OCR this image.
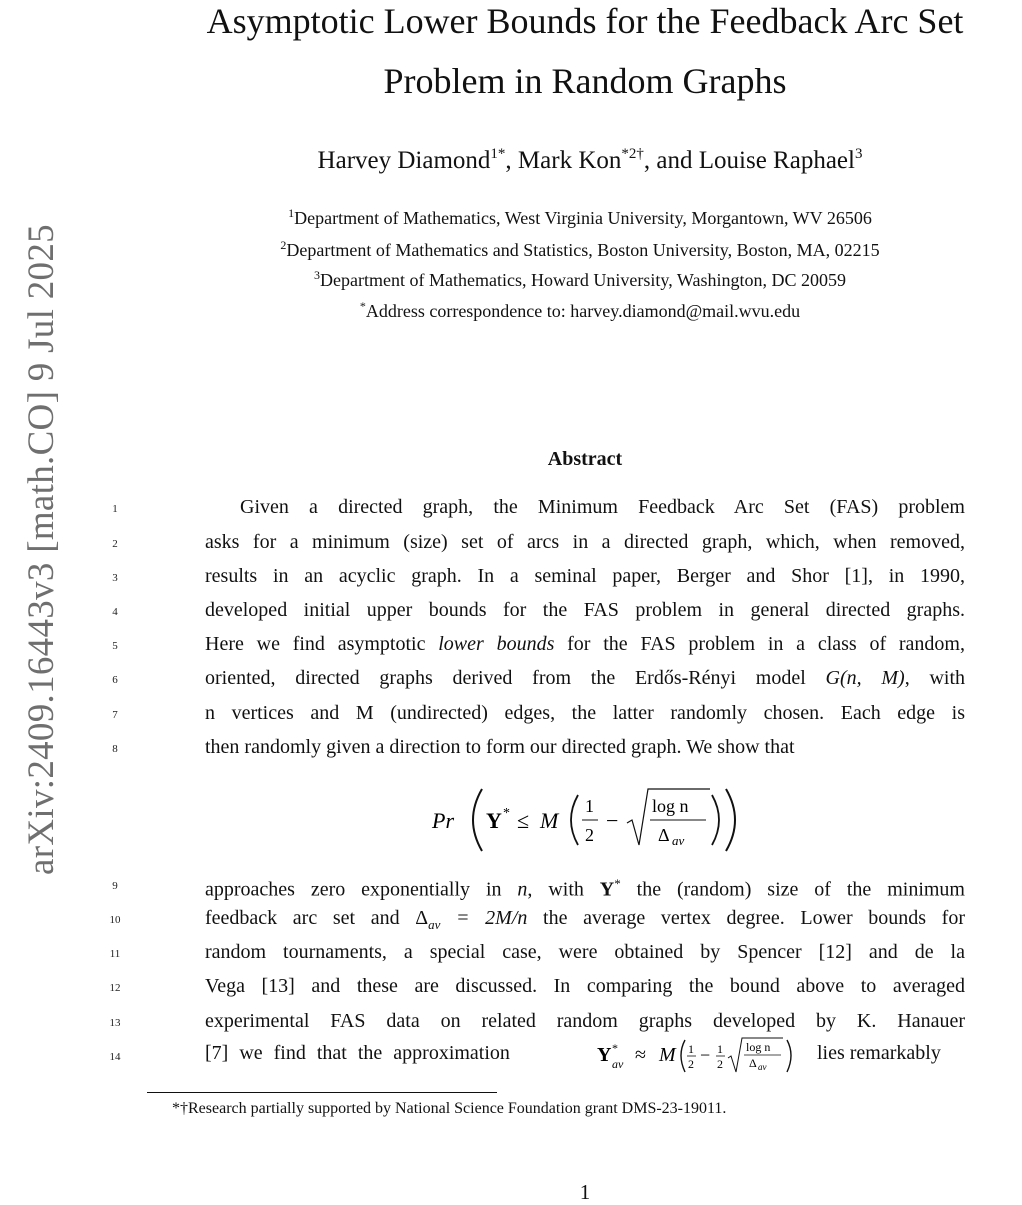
arXiv:2409.16443v3 [math.CO] 9 Jul 2025
Asymptotic Lower Bounds for the Feedback Arc Set
Problem in Random Graphs
Harvey Diamond$^{1*}$, Mark Kon$^{*2\dagger}$, and Louise Raphael$^3$
$^1$Department of Mathematics, West Virginia University, Morgantown, WV 26506
$^2$Department of Mathematics and Statistics, Boston University, Boston, MA, 02215
$^3$Department of Mathematics, Howard University, Washington, DC 20059
*Address correspondence to: harvey.diamond@mail.wvu.edu
Abstract
1
2
3
4
5
6
7
8
9
10
11
12
13
14
Given a directed graph, the Minimum Feedback Arc Set (FAS) problem
asks for a minimum (size) set of arcs in a directed graph, which, when removed,
results in an acyclic graph. In a seminal paper, Berger and Shor [1], in 1990,
developed initial upper bounds for the FAS problem in general directed graphs.
Here we find asymptotic lower bounds for the FAS problem in a class of random,
oriented, directed graphs derived from the Erdős-Rényi model G(n, M), with
n vertices and M (undirected) edges, the latter randomly chosen. Each edge is
then randomly given a direction to form our directed graph. We show that
Pr Y * ≤ M
1
2
−
log n
Δ av
approaches zero exponentially in n, with Y* the (random) size of the minimum
feedback arc set and $\Delta_{av} = 2M/n$ the average vertex degree. Lower bounds for
random tournaments, a special case, were obtained by Spencer [12] and de la
Vega [13] and these are discussed. In comparing the bound above to averaged
experimental FAS data on related random graphs developed by K. Hanauer
[7] we find that the approximation	Y *
av ≈ M 1
2 − 1
2
log n
Δ av
lies remarkably
*†Research partially supported by National Science Foundation grant DMS-23-19011.
1
